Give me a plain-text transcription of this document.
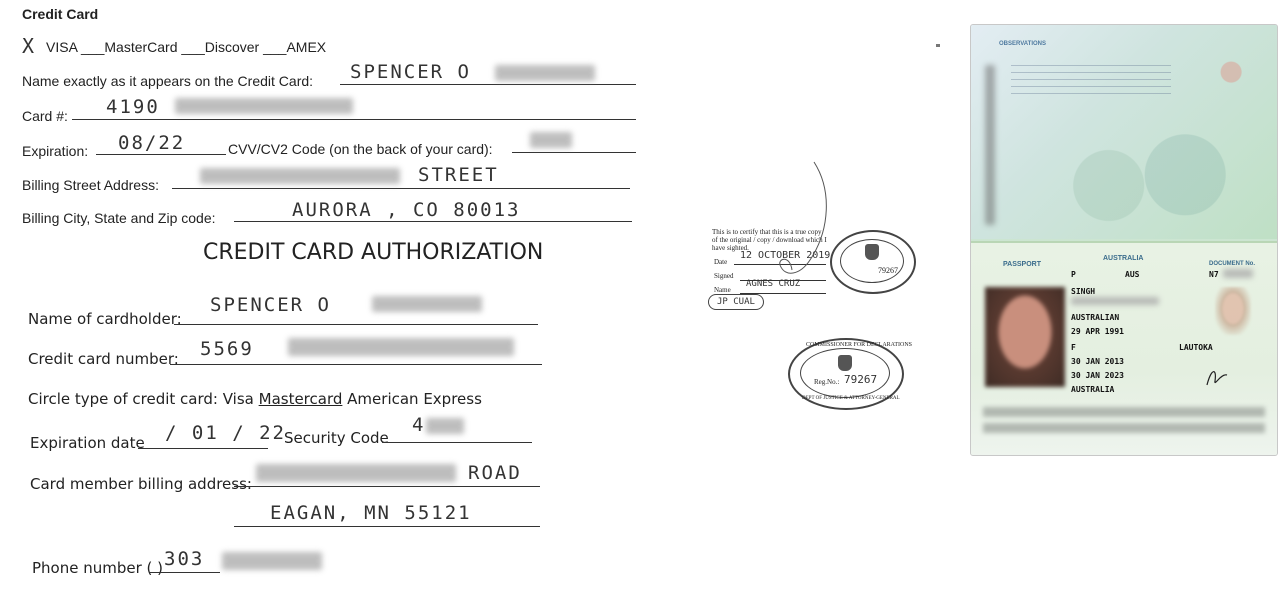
Credit Card
X VISA ___MasterCard ___Discover ___AMEX
Name exactly as it appears on the Credit Card: SPENCER O
Card #: 4190
Expiration: 08/22	CVV/CV2 Code (on the back of your card):
Billing Street Address:	STREET
Billing City, State and Zip code:	AURORA , CO 80013
CREDIT CARD AUTHORIZATION
Name of cardholder:
SPENCER O
Credit card number: 5569
Circle type of credit card: Visa Mastercard American Express
Expiration date / 01 / 22
Security Code
4
Card member billing address:	ROAD
EAGAN, MN 55121
Phone number ( ) 303
This is to certify that this is a true copy
of the original / copy / download which I
have sighted.
Date
12 OCTOBER 2019
Signed
Name
AGNES CRUZ
JP CUAL
79267
COMMISSIONER FOR DECLARATIONS
Reg.No.: 79267
DEPT OF JUSTICE & ATTORNEY-GENERAL
OBSERVATIONS
PASSPORT
AUSTRALIA
DOCUMENT No.
N7
P	AUS
SINGH
AUSTRALIAN
29 APR 1991
LAUTOKA
F
30 JAN 2013
30 JAN 2023
AUSTRALIA
